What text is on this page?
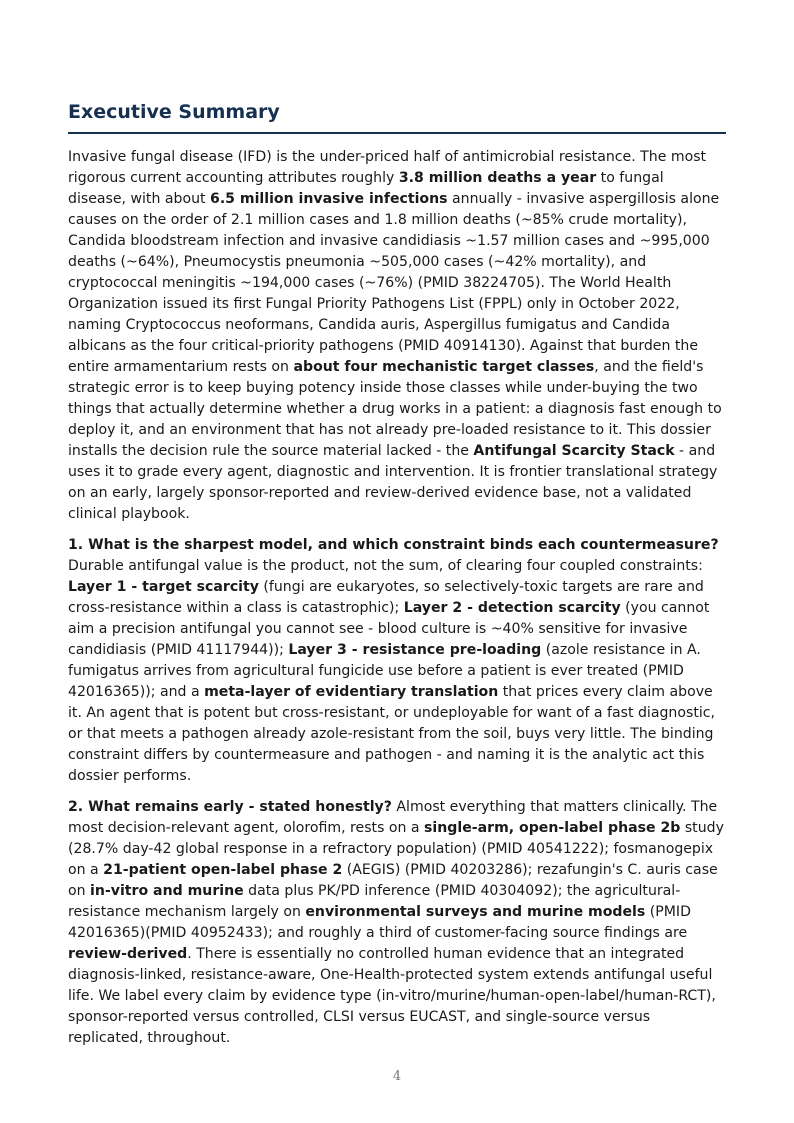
Executive Summary

Invasive fungal disease (IFD) is the under-priced half of antimicrobial resistance. The most rigorous current accounting attributes roughly 3.8 million deaths a year to fungal disease, with about 6.5 million invasive infections annually - invasive aspergillosis alone causes on the order of 2.1 million cases and 1.8 million deaths (~85% crude mortality), Candida bloodstream infection and invasive candidiasis ~1.57 million cases and ~995,000 deaths (~64%), Pneumocystis pneumonia ~505,000 cases (~42% mortality), and cryptococcal meningitis ~194,000 cases (~76%) (PMID 38224705). The World Health Organization issued its first Fungal Priority Pathogens List (FPPL) only in October 2022, naming Cryptococcus neoformans, Candida auris, Aspergillus fumigatus and Candida albicans as the four critical-priority pathogens (PMID 40914130). Against that burden the entire armamentarium rests on about four mechanistic target classes, and the field's strategic error is to keep buying potency inside those classes while under-buying the two things that actually determine whether a drug works in a patient: a diagnosis fast enough to deploy it, and an environment that has not already pre-loaded resistance to it. This dossier installs the decision rule the source material lacked - the Antifungal Scarcity Stack - and uses it to grade every agent, diagnostic and intervention. It is frontier translational strategy on an early, largely sponsor-reported and review-derived evidence base, not a validated clinical playbook.

1. What is the sharpest model, and which constraint binds each countermeasure? Durable antifungal value is the product, not the sum, of clearing four coupled constraints: Layer 1 - target scarcity (fungi are eukaryotes, so selectively-toxic targets are rare and cross-resistance within a class is catastrophic); Layer 2 - detection scarcity (you cannot aim a precision antifungal you cannot see - blood culture is ~40% sensitive for invasive candidiasis (PMID 41117944)); Layer 3 - resistance pre-loading (azole resistance in A. fumigatus arrives from agricultural fungicide use before a patient is ever treated (PMID 42016365)); and a meta-layer of evidentiary translation that prices every claim above it. An agent that is potent but cross-resistant, or undeployable for want of a fast diagnostic, or that meets a pathogen already azole-resistant from the soil, buys very little. The binding constraint differs by countermeasure and pathogen - and naming it is the analytic act this dossier performs.

2. What remains early - stated honestly? Almost everything that matters clinically. The most decision-relevant agent, olorofim, rests on a single-arm, open-label phase 2b study (28.7% day-42 global response in a refractory population) (PMID 40541222); fosmanogepix on a 21-patient open-label phase 2 (AEGIS) (PMID 40203286); rezafungin's C. auris case on in-vitro and murine data plus PK/PD inference (PMID 40304092); the agricultural-resistance mechanism largely on environmental surveys and murine models (PMID 42016365)(PMID 40952433); and roughly a third of customer-facing source findings are review-derived. There is essentially no controlled human evidence that an integrated diagnosis-linked, resistance-aware, One-Health-protected system extends antifungal useful life. We label every claim by evidence type (in-vitro/murine/human-open-label/human-RCT), sponsor-reported versus controlled, CLSI versus EUCAST, and single-source versus replicated, throughout.

4
